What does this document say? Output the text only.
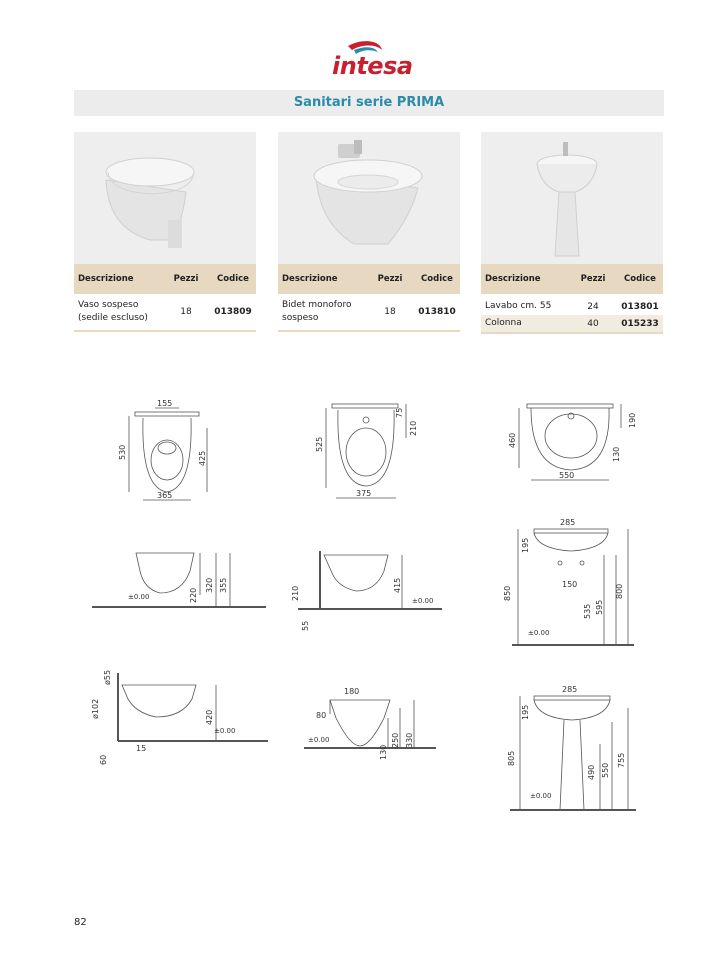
intesa
Sanitari serie PRIMA
Descrizione	Pezzi	Codice
Vaso sospeso (sedile escluso)
18	013809
Descrizione	Pezzi	Codice
Bidet monoforo sospeso
18	013810
Descrizione	Pezzi	Codice
Lavabo cm. 55	24	013801
Colonna	40	015233
155
530	425
365
±0.00	220
320 355
ø55
ø102	420
15
60
±0.00
525
75
210
375
210
415
55
±0.00
180
80
130
250 330
±0.00
460
190
130
550
285
195
150
850
535 595
800
±0.00
285
195
805
490 550
755
±0.00
82
